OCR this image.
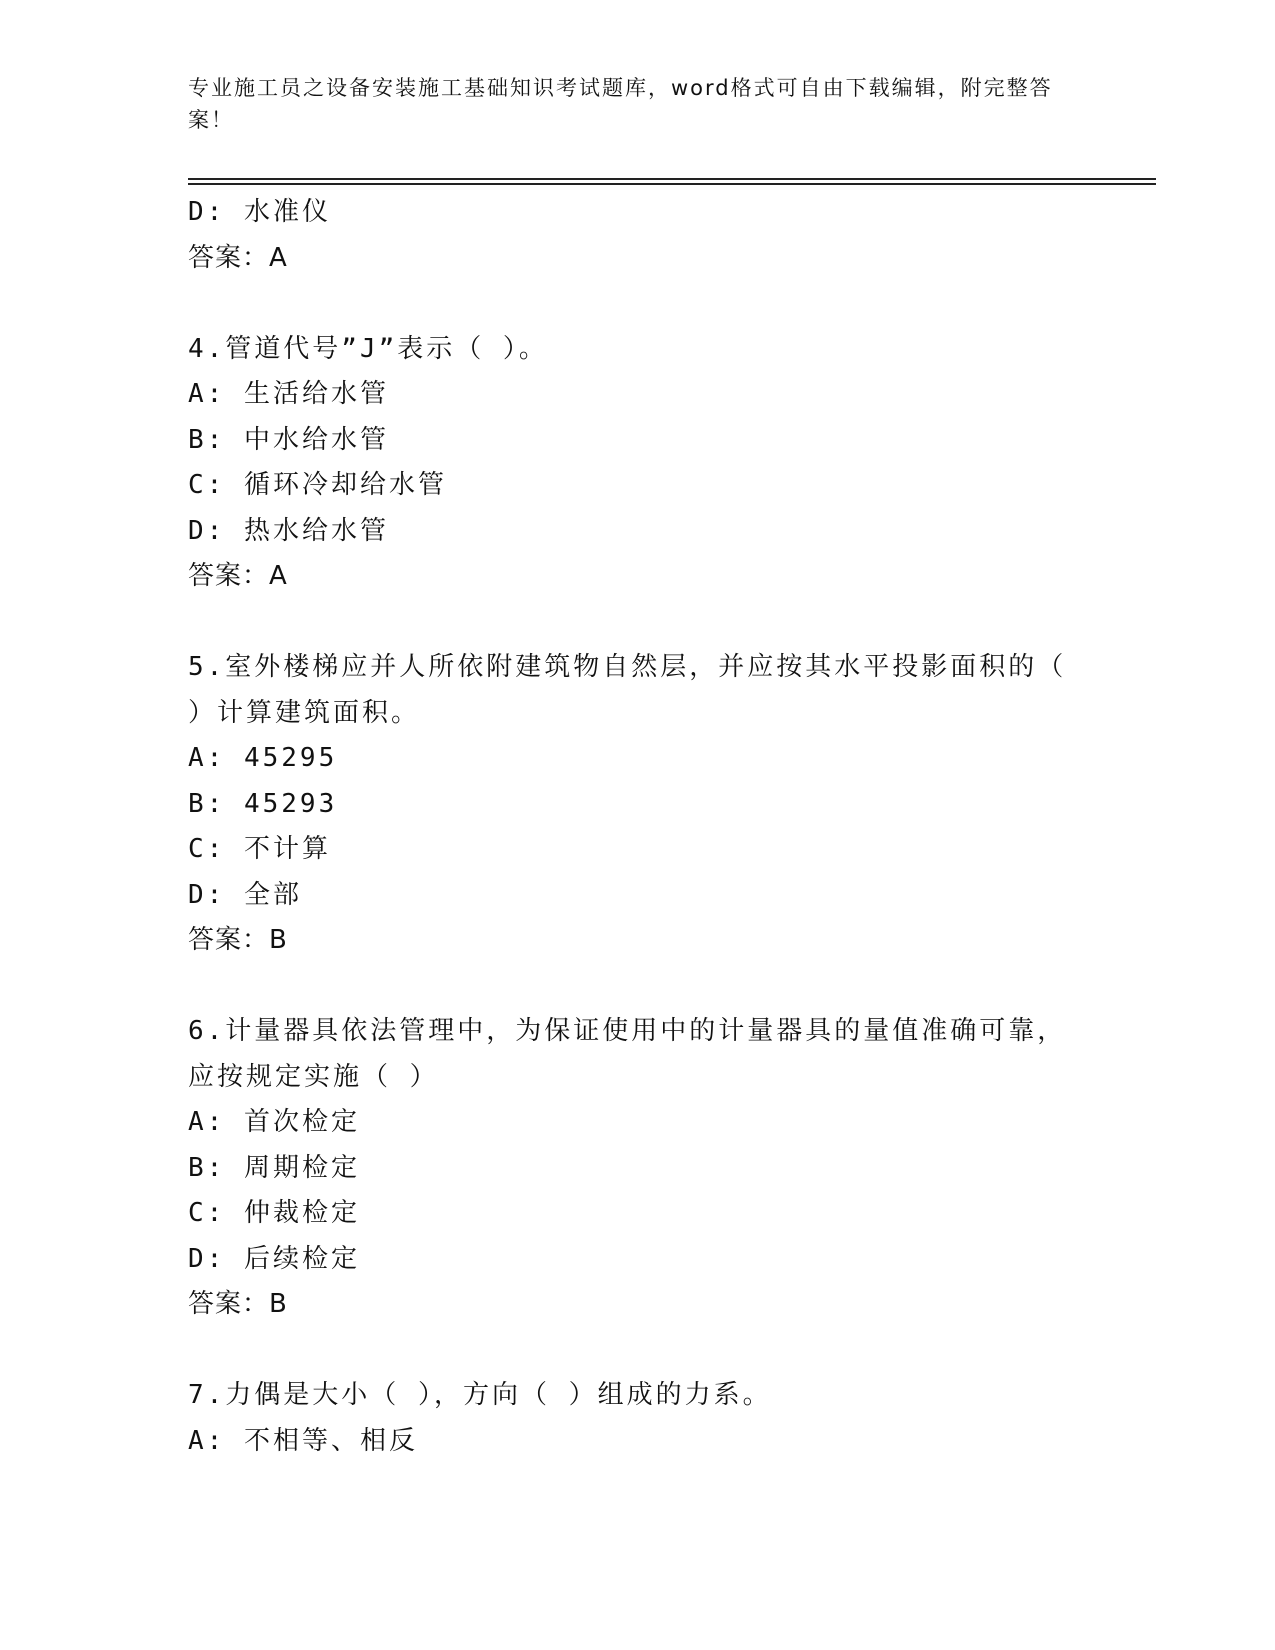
专业施工员之设备安装施工基础知识考试题库，word格式可自由下载编辑，附完整答案！
D: 水准仪
答案：A
4.管道代号”J”表示（ ）。
A: 生活给水管
B: 中水给水管
C: 循环冷却给水管
D: 热水给水管
答案：A
5.室外楼梯应并人所依附建筑物自然层，并应按其水平投影面积的（
）计算建筑面积。
A: 45295
B: 45293
C: 不计算
D: 全部
答案：B
6.计量器具依法管理中，为保证使用中的计量器具的量值准确可靠，
应按规定实施（ ）
A: 首次检定
B: 周期检定
C: 仲裁检定
D: 后续检定
答案：B
7.力偶是大小（ ），方向（ ）组成的力系。
A: 不相等、相反
